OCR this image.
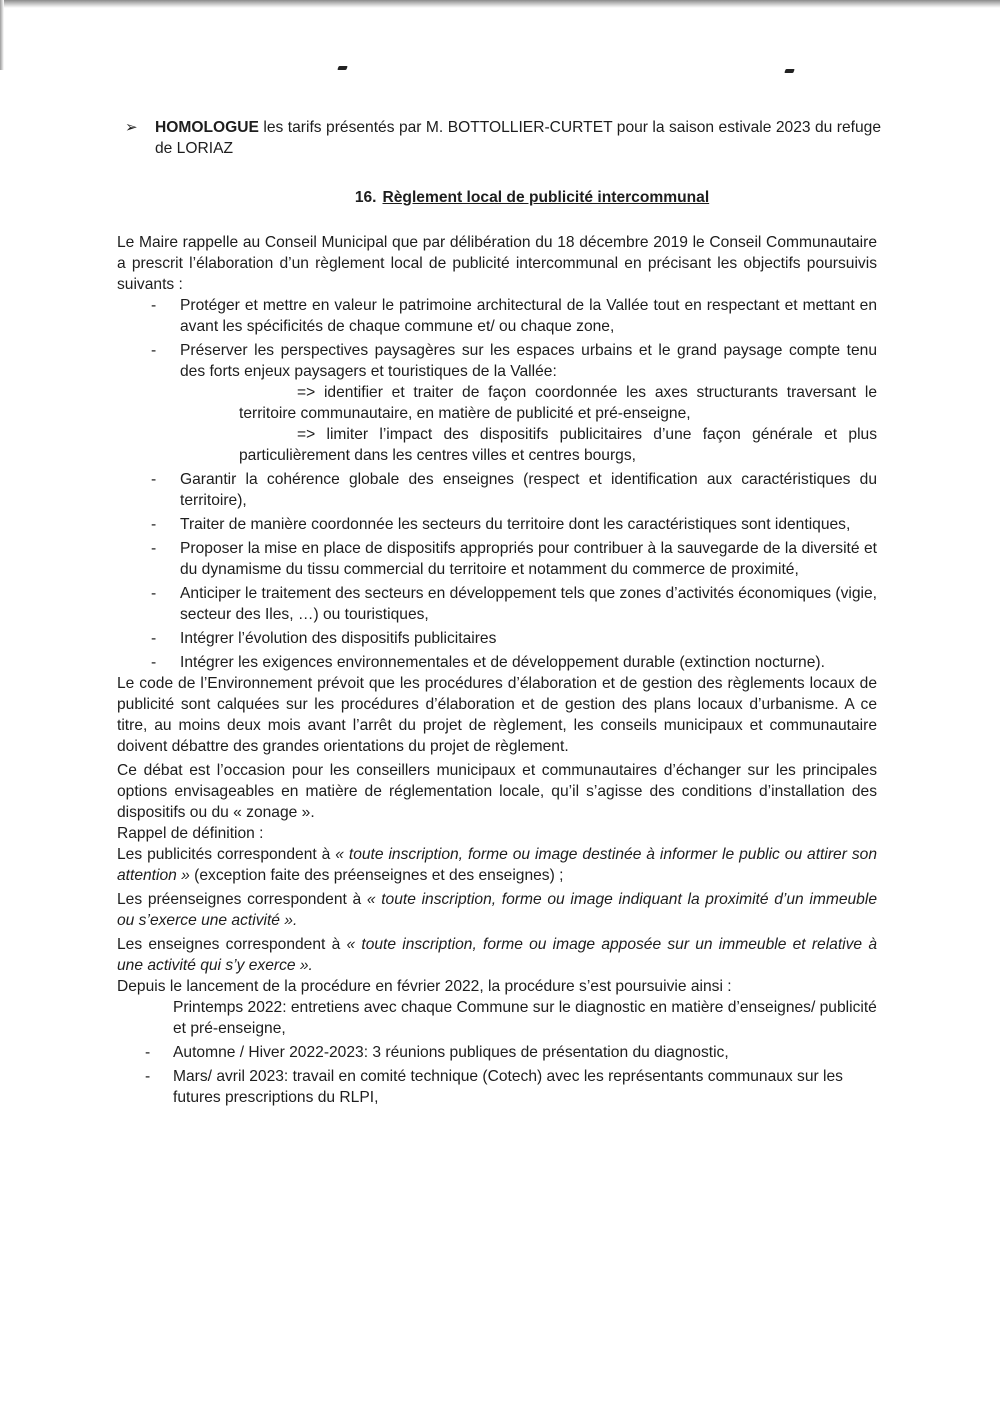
➢ HOMOLOGUE les tarifs présentés par M. BOTTOLLIER-CURTET pour la saison estivale 2023 du refuge de LORIAZ

16. Règlement local de publicité intercommunal

Le Maire rappelle au Conseil Municipal que par délibération du 18 décembre 2019 le Conseil Communautaire a prescrit l’élaboration d’un règlement local de publicité intercommunal en précisant les objectifs poursuivis suivants :

- Protéger et mettre en valeur le patrimoine architectural de la Vallée tout en respectant et mettant en avant les spécificités de chaque commune et/ ou chaque zone,
- Préserver les perspectives paysagères sur les espaces urbains et le grand paysage compte tenu des forts enjeux paysagers et touristiques de la Vallée:

=> identifier et traiter de façon coordonnée les axes structurants traversant le territoire communautaire, en matière de publicité et pré-enseigne,

=> limiter l’impact des dispositifs publicitaires d’une façon générale et plus particulièrement dans les centres villes et centres bourgs,

- Garantir la cohérence globale des enseignes (respect et identification aux caractéristiques du territoire),
- Traiter de manière coordonnée les secteurs du territoire dont les caractéristiques sont identiques,
- Proposer la mise en place de dispositifs appropriés pour contribuer à la sauvegarde de la diversité et du dynamisme du tissu commercial du territoire et notamment du commerce de proximité,
- Anticiper le traitement des secteurs en développement tels que zones d’activités économiques (vigie, secteur des Iles, …) ou touristiques,
- Intégrer l’évolution des dispositifs publicitaires
- Intégrer les exigences environnementales et de développement durable (extinction nocturne).

Le code de l’Environnement prévoit que les procédures d’élaboration et de gestion des règlements locaux de publicité sont calquées sur les procédures d’élaboration et de gestion des plans locaux d’urbanisme. A ce titre, au moins deux mois avant l’arrêt du projet de règlement, les conseils municipaux et communautaire doivent débattre des grandes orientations du projet de règlement.

Ce débat est l’occasion pour les conseillers municipaux et communautaires d’échanger sur les principales options envisageables en matière de réglementation locale, qu’il s’agisse des conditions d’installation des dispositifs ou du « zonage ».

Rappel de définition :

Les publicités correspondent à « toute inscription, forme ou image destinée à informer le public ou attirer son attention » (exception faite des préenseignes et des enseignes) ;

Les préenseignes correspondent à « toute inscription, forme ou image indiquant la proximité d’un immeuble ou s’exerce une activité ».

Les enseignes correspondent à « toute inscription, forme ou image apposée sur un immeuble et relative à une activité qui s’y exerce ».

Depuis le lancement de la procédure en février 2022, la procédure s’est poursuivie ainsi :

Printemps 2022: entretiens avec chaque Commune sur le diagnostic en matière d’enseignes/ publicité et pré-enseigne,
- Automne / Hiver 2022-2023: 3 réunions publiques de présentation du diagnostic,
- Mars/ avril 2023: travail en comité technique (Cotech) avec les représentants communaux sur les futures prescriptions du RLPI,
